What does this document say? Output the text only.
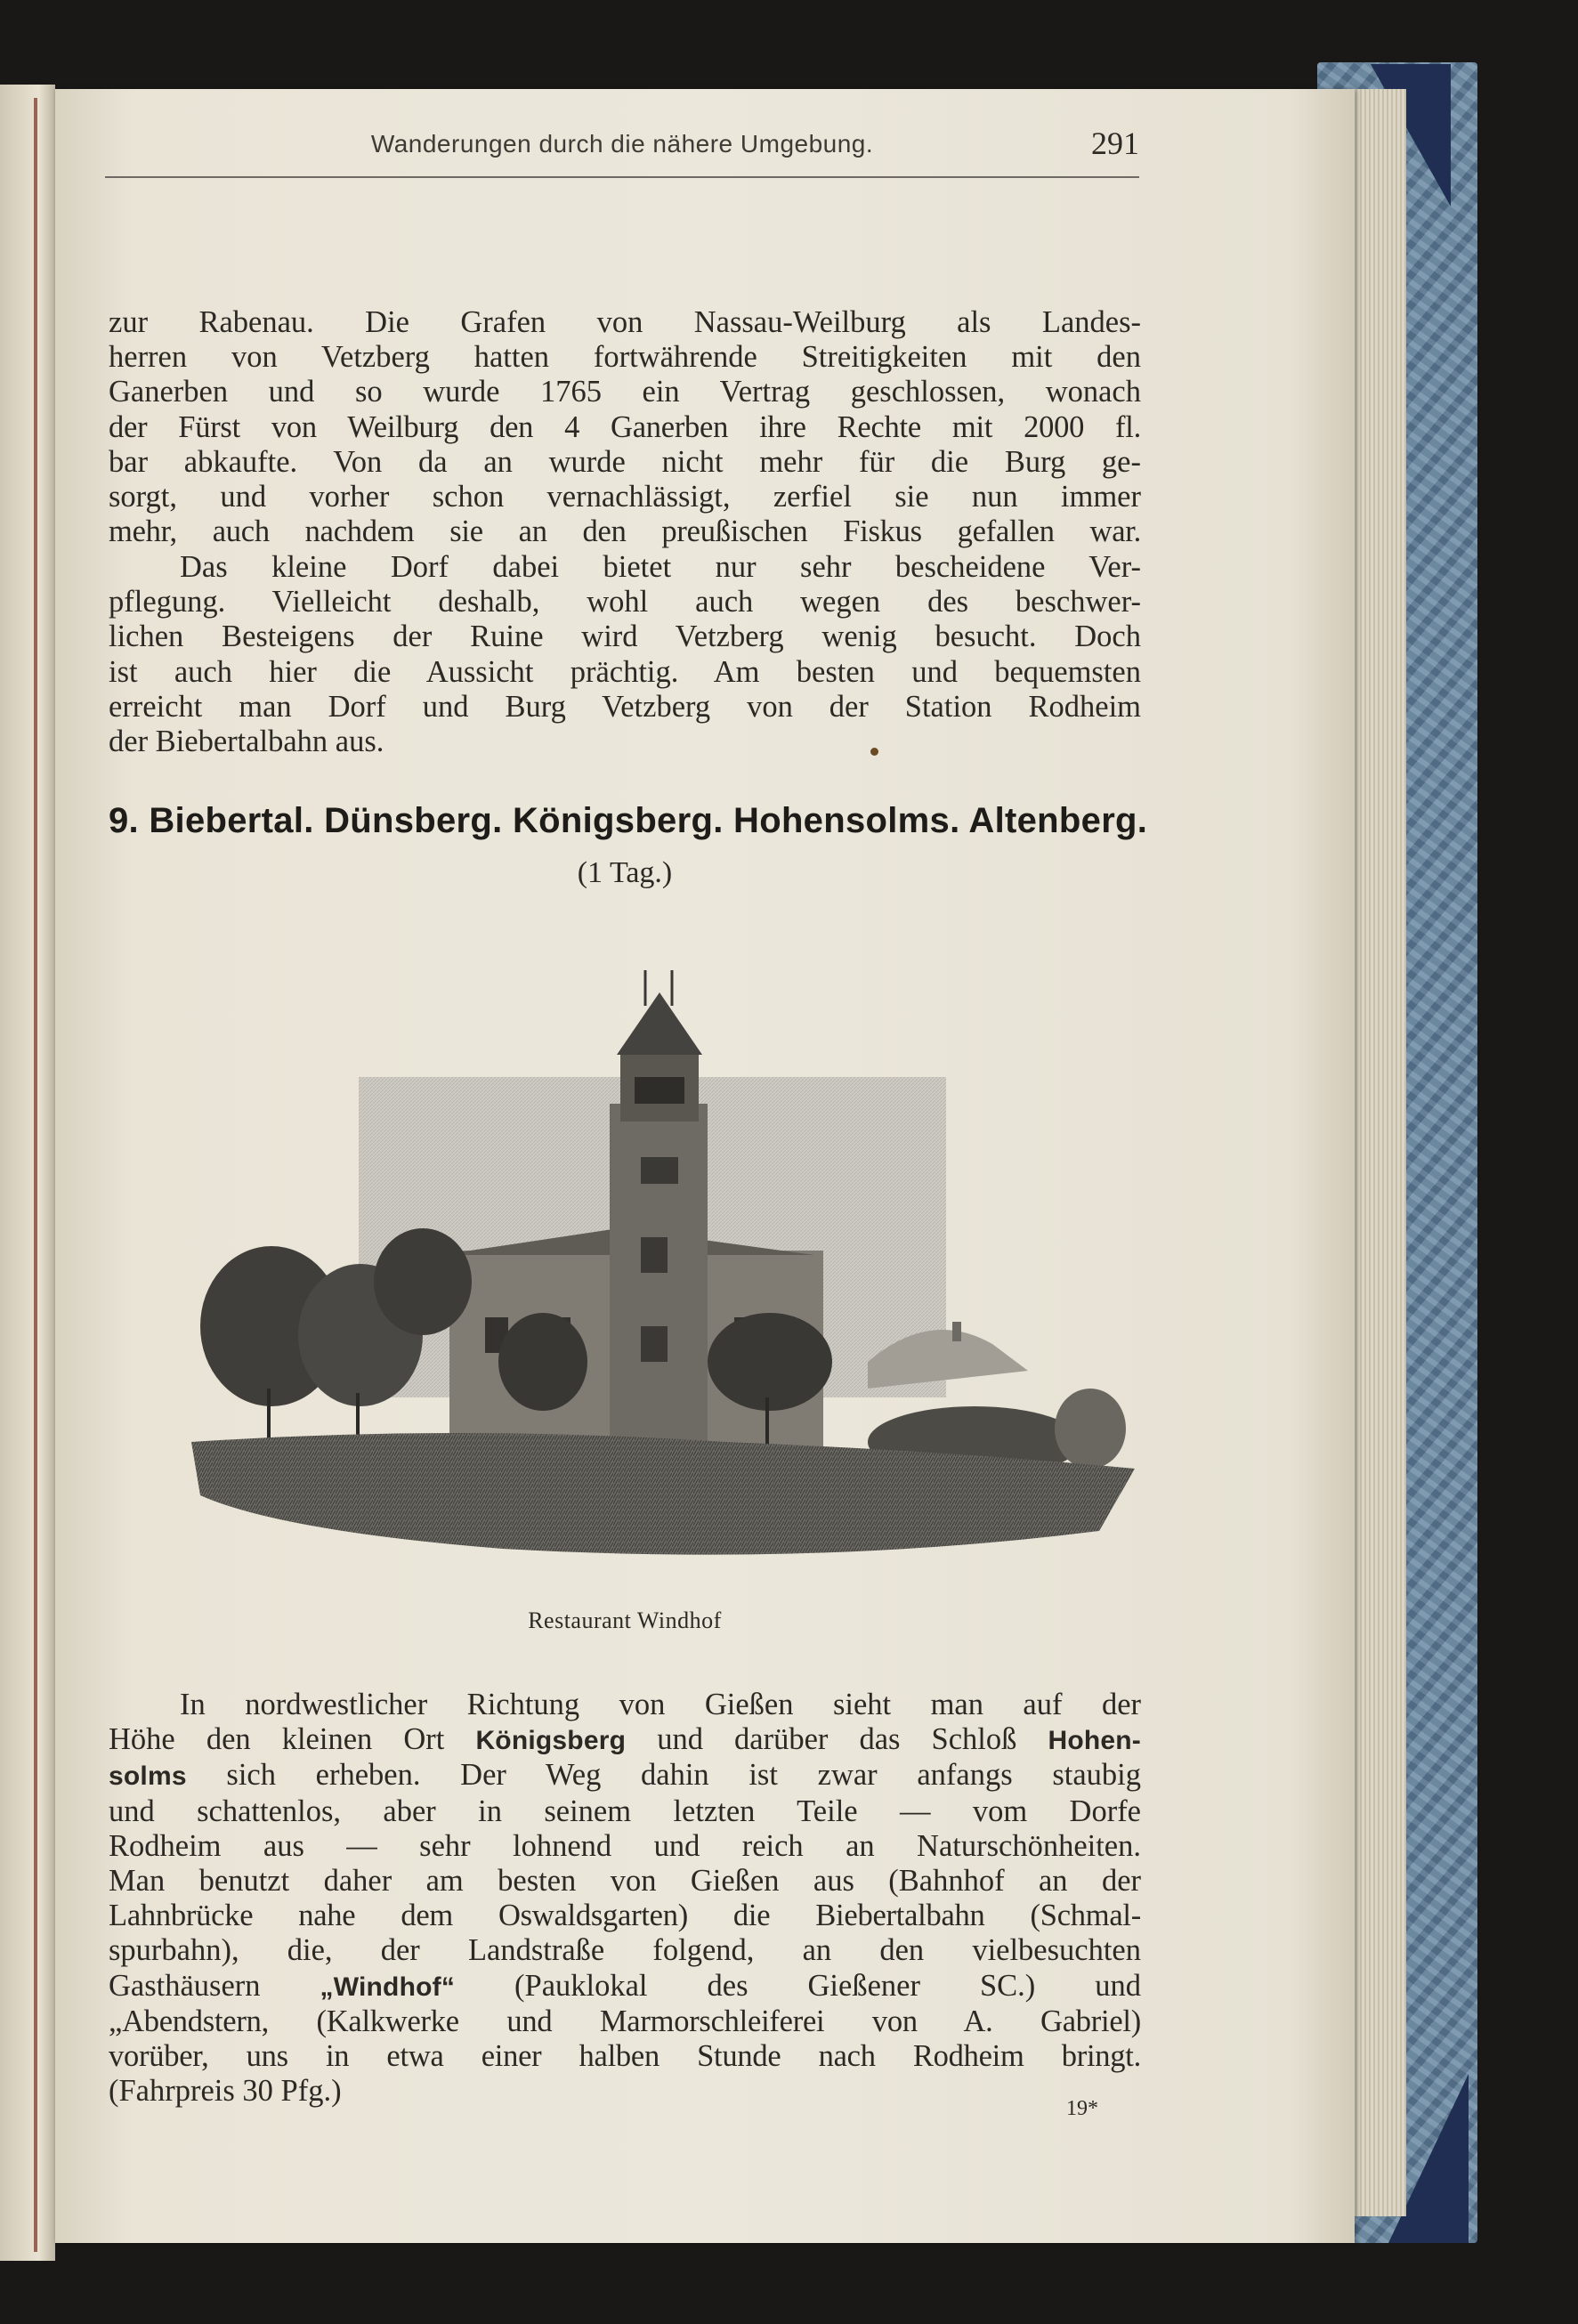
Wanderungen durch die nähere Umgebung.	291
zur Rabenau. Die Grafen von Nassau-Weilburg als Landes-
herren von Vetzberg hatten fortwährende Streitigkeiten mit den
Ganerben und so wurde 1765 ein Vertrag geschlossen, wonach
der Fürst von Weilburg den 4 Ganerben ihre Rechte mit 2000 fl.
bar abkaufte. Von da an wurde nicht mehr für die Burg ge-
sorgt, und vorher schon vernachlässigt, zerfiel sie nun immer
mehr, auch nachdem sie an den preußischen Fiskus gefallen war.
Das kleine Dorf dabei bietet nur sehr bescheidene Ver-
pflegung. Vielleicht deshalb, wohl auch wegen des beschwer-
lichen Besteigens der Ruine wird Vetzberg wenig besucht. Doch
ist auch hier die Aussicht prächtig. Am besten und bequemsten
erreicht man Dorf und Burg Vetzberg von der Station Rodheim
der Biebertalbahn aus.
9. Biebertal. Dünsberg. Königsberg. Hohensolms. Altenberg.
(1 Tag.)
Restaurant Windhof
In nordwestlicher Richtung von Gießen sieht man auf der
Höhe den kleinen Ort Königsberg und darüber das Schloß Hohen-
solms sich erheben. Der Weg dahin ist zwar anfangs staubig
und schattenlos, aber in seinem letzten Teile — vom Dorfe
Rodheim aus — sehr lohnend und reich an Naturschönheiten.
Man benutzt daher am besten von Gießen aus (Bahnhof an der
Lahnbrücke nahe dem Oswaldsgarten) die Biebertalbahn (Schmal-
spurbahn), die, der Landstraße folgend, an den vielbesuchten
Gasthäusern „Windhof“ (Pauklokal des Gießener SC.) und
„Abendstern, (Kalkwerke und Marmorschleiferei von A. Gabriel)
vorüber, uns in etwa einer halben Stunde nach Rodheim bringt.
(Fahrpreis 30 Pfg.)
19*
